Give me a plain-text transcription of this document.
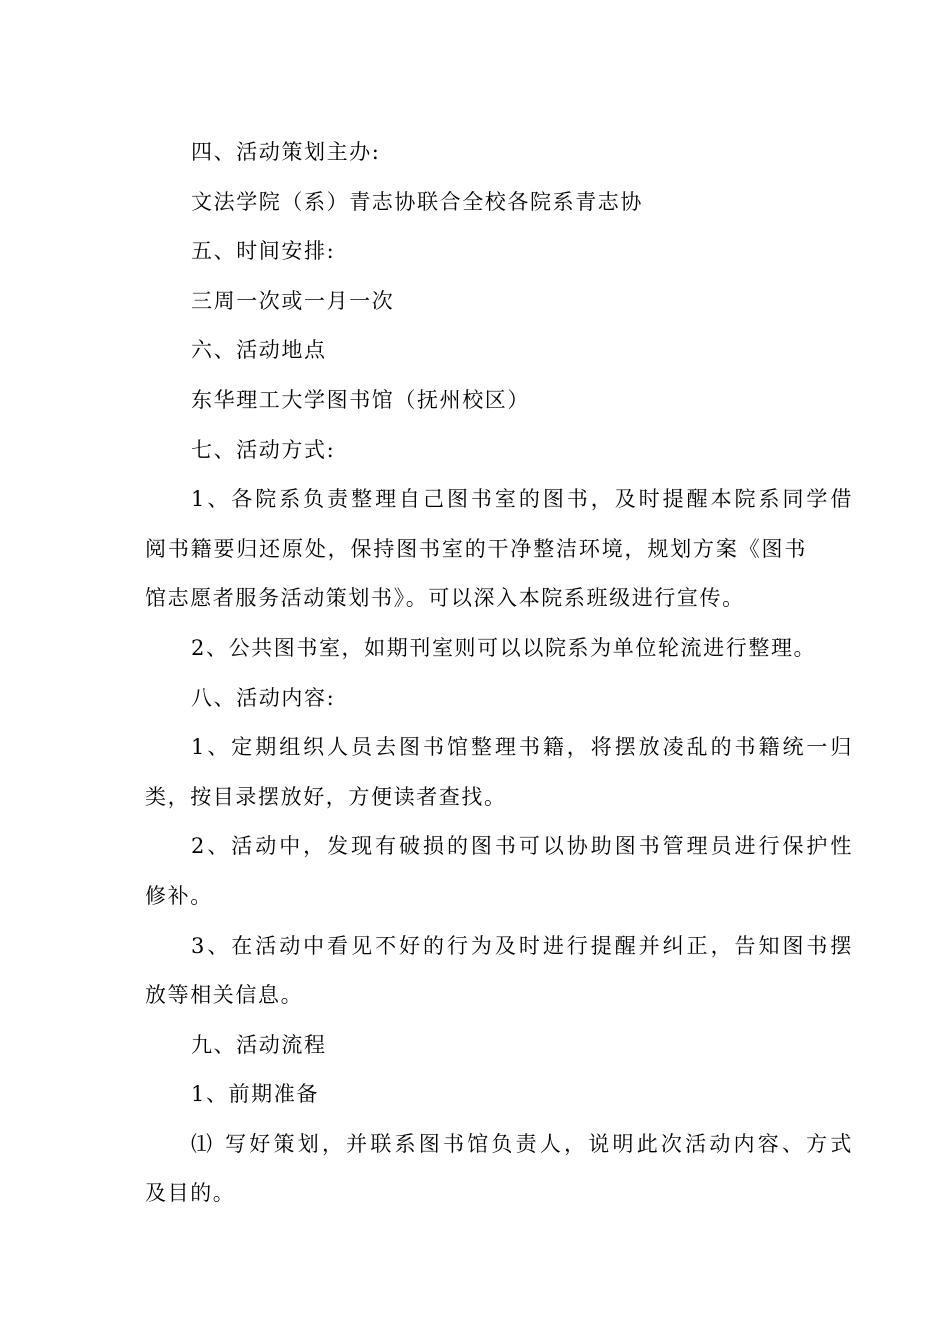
四、活动策划主办:
文法学院（系）青志协联合全校各院系青志协
五、时间安排:
三周一次或一月一次
六、活动地点
东华理工大学图书馆（抚州校区）
七、活动方式:
1、各院系负责整理自己图书室的图书，及时提醒本院系同学借
阅书籍要归还原处，保持图书室的干净整洁环境，规划方案《图书
馆志愿者服务活动策划书》。可以深入本院系班级进行宣传。
2、公共图书室，如期刊室则可以以院系为单位轮流进行整理。
八、活动内容:
1、定期组织人员去图书馆整理书籍，将摆放凌乱的书籍统一归
类，按目录摆放好，方便读者查找。
2、活动中，发现有破损的图书可以协助图书管理员进行保护性
修补。
3、在活动中看见不好的行为及时进行提醒并纠正，告知图书摆
放等相关信息。
九、活动流程
1、前期准备
⑴ 写好策划，并联系图书馆负责人，说明此次活动内容、方式
及目的。
